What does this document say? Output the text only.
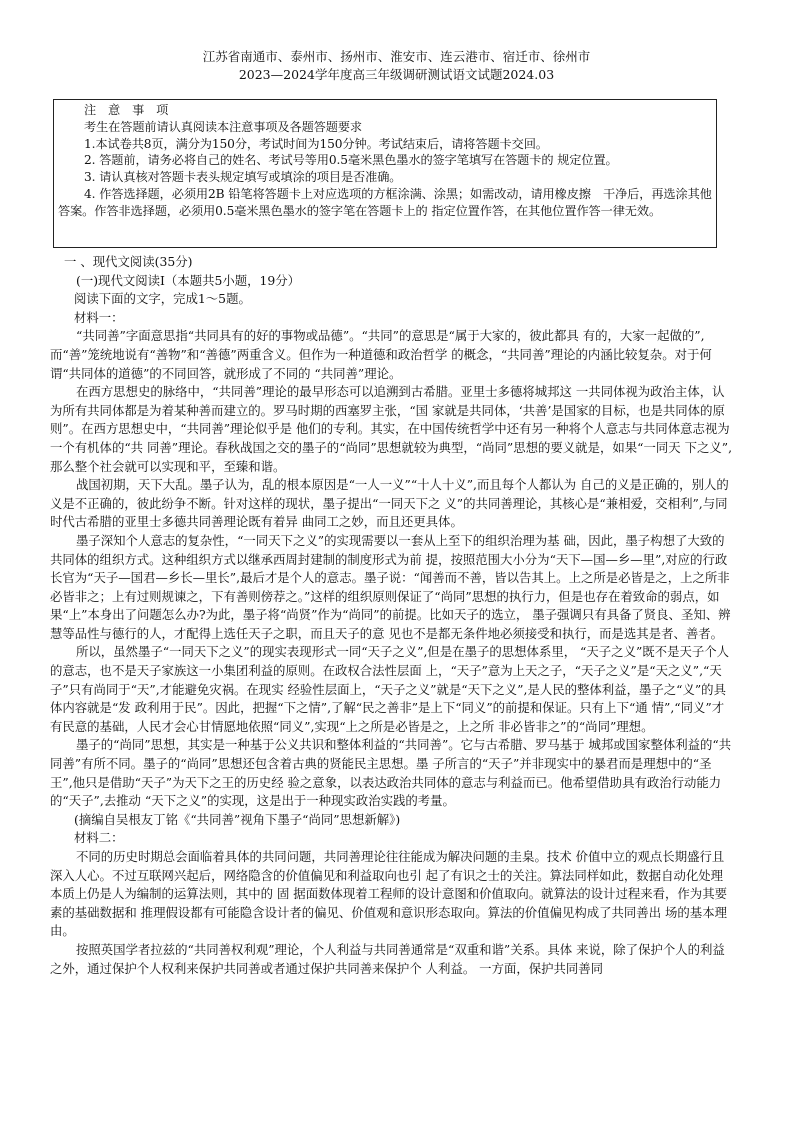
江苏省南通市、泰州市、扬州市、淮安市、连云港市、宿迁市、徐州市
2023—2024学年度高三年级调研测试语文试题2024.03

注 意 事 项

考生在答题前请认真阅读本注意事项及各题答题要求

1.本试卷共8页，满分为150分，考试时间为150分钟。考试结束后，请将答题卡交回。

2. 答题前，请务必将自己的姓名、考试号等用0.5毫米黑色墨水的签字笔填写在答题卡的 规定位置。

3. 请认真核对答题卡表头规定填写或填涂的项目是否准确。

4. 作答选择题，必须用2B 铅笔将答题卡上对应选项的方框涂满、涂黑；如需改动，请用橡皮擦　干净后，再选涂其他答案。作答非选择题，必须用0.5毫米黑色墨水的签字笔在答题卡上的 指定位置作答，在其他位置作答一律无效。

一 、现代文阅读(35分)

(一)现代文阅读I（本题共5小题，19分）

阅读下面的文字，完成1～5题。

材料一：

“共同善”字面意思指“共同具有的好的事物或品德”。“共同”的意思是“属于大家的，彼此都具 有的，大家一起做的”,而“善”笼统地说有“善物”和“善德”两重含义。但作为一种道德和政治哲学 的概念，“共同善”理论的内涵比较复杂。对于何谓“共同体的道德”的不同回答，就形成了不同的 “共同善”理论。

在西方思想史的脉络中，“共同善”理论的最早形态可以追溯到古希腊。亚里士多德将城邦这 一共同体视为政治主体，认为所有共同体都是为着某种善而建立的。罗马时期的西塞罗主张，“国 家就是共同体，‘共善’是国家的目标，也是共同体的原则”。在西方思想史中，“共同善”理论似乎是 他们的专利。其实，在中国传统哲学中还有另一种将个人意志与共同体意志视为一个有机体的“共 同善”理论。春秋战国之交的墨子的“尚同”思想就较为典型，“尚同”思想的要义就是，如果“一同天 下之义”,那么整个社会就可以实现和平，至臻和谐。

战国初期，天下大乱。墨子认为，乱的根本原因是“一人一义”“十人十义”,而且每个人都认为 自己的义是正确的，别人的义是不正确的，彼此纷争不断。针对这样的现状，墨子提出“一同天下之 义”的共同善理论，其核心是“兼相爱，交相利”,与同时代古希腊的亚里士多德共同善理论既有着异 曲同工之妙，而且还更具体。

墨子深知个人意志的复杂性，“一同天下之义”的实现需要以一套从上至下的组织治理为基 础，因此，墨子构想了大致的共同体的组织方式。这种组织方式以继承西周封建制的制度形式为前 提，按照范围大小分为“天下—国—乡—里”,对应的行政长官为“天子—国君—乡长—里长”,最后才是个人的意志。墨子说：“闻善而不善，皆以告其上。上之所是必皆是之，上之所非必皆非之；上有过则规谏之，下有善则傍荐之。”这样的组织原则保证了“尚同”思想的执行力，但是也存在着致命的弱点，如果“上”本身出了问题怎么办?为此，墨子将“尚贤”作为“尚同”的前提。比如天子的选立， 墨子强调只有具备了贤良、圣知、辨慧等品性与德行的人，才配得上选任天子之职，而且天子的意 见也不是都无条件地必须接受和执行，而是选其是者、善者。

所以，虽然墨子“一同天下之义”的现实表现形式一同“天子之义”,但是在墨子的思想体系里， “天子之义”既不是天子个人的意志，也不是天子家族这一小集团利益的原则。在政权合法性层面 上，“天子”意为上天之子，“天子之义”是“天之义”,“天子”只有尚同于“天”,才能避免灾祸。在现实 经验性层面上，“天子之义”就是“天下之义”,是人民的整体利益，墨子之“义”的具体内容就是“发 政利用于民”。因此，把握“下之情”,了解“民之善非”是上下“同义”的前提和保证。只有上下“通 情”,“同义”才有民意的基础，人民才会心甘情愿地依照“同义”,实现“上之所是必皆是之，上之所 非必皆非之”的“尚同”理想。

墨子的“尚同”思想，其实是一种基于公义共识和整体利益的“共同善”。它与古希腊、罗马基于 城邦或国家整体利益的“共同善”有所不同。墨子的“尚同”思想还包含着古典的贤能民主思想。墨 子所言的“天子”并非现实中的暴君而是理想中的“圣王”,他只是借助“天子”为天下之王的历史经 验之意象，以表达政治共同体的意志与利益而已。他希望借助具有政治行动能力的“天子”,去推动 “天下之义”的实现，这是出于一种现实政治实践的考量。

(摘编自吴根友丁铭《“共同善”视角下墨子“尚同”思想新解》)

材料二：

不同的历史时期总会面临着具体的共同问题，共同善理论往往能成为解决问题的圭臬。技术 价值中立的观点长期盛行且深入人心。不过互联网兴起后，网络隐含的价值偏见和利益取向也引 起了有识之士的关注。算法同样如此，数据自动化处理本质上仍是人为编制的运算法则，其中的 固 据面数体现着工程师的设计意图和价值取向。就算法的设计过程来看，作为其要素的基础数据和 推理假设都有可能隐含设计者的偏见、价值观和意识形态取向。算法的价值偏见构成了共同善出 场的基本理由。

按照英国学者拉兹的“共同善权利观”理论，个人利益与共同善通常是“双重和谐”关系。具体 来说，除了保护个人的利益之外，通过保护个人权利来保护共同善或者通过保护共同善来保护个 人利益。 一方面，保护共同善同
